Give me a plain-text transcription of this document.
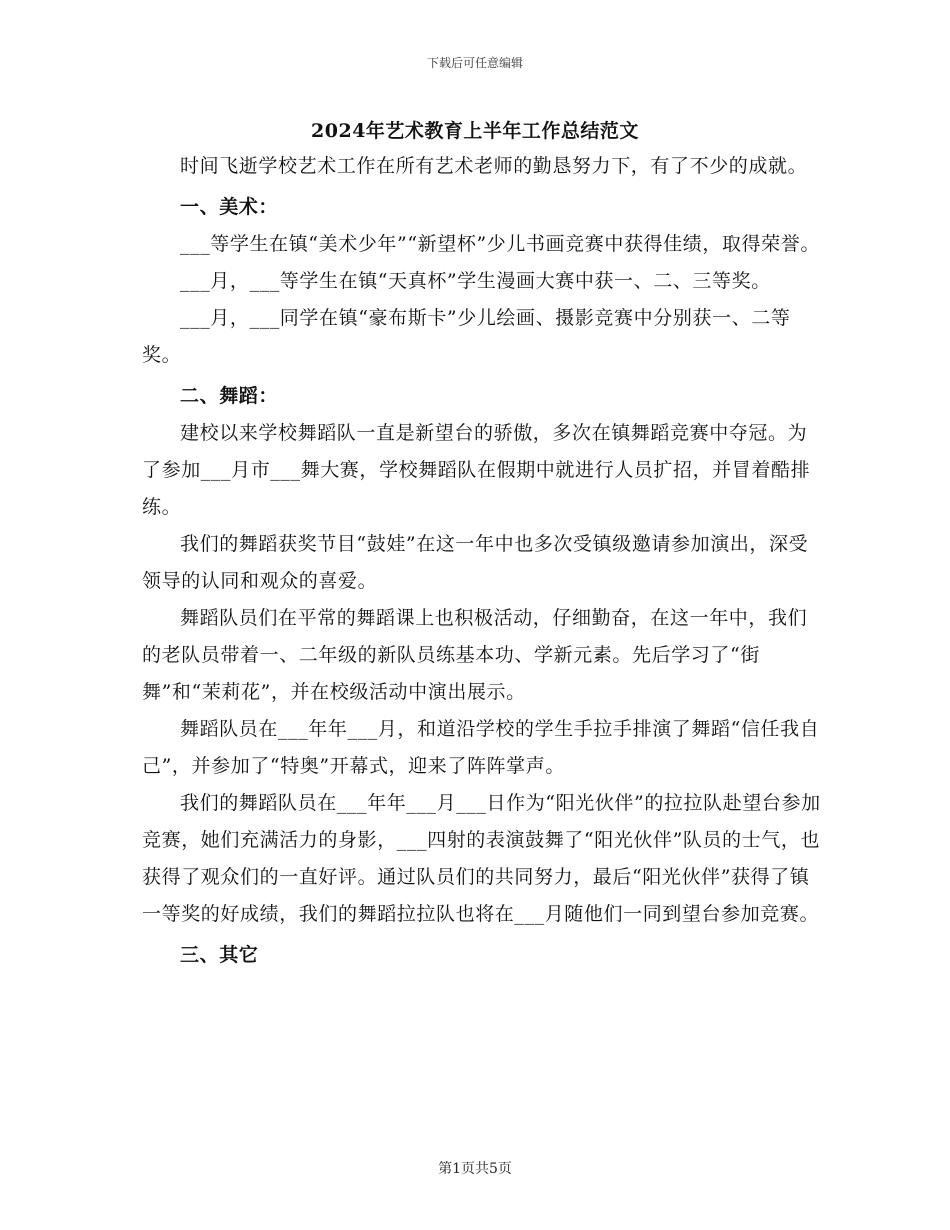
下载后可任意编辑
2024年艺术教育上半年工作总结范文

时间飞逝学校艺术工作在所有艺术老师的勤恳努力下，有了不少的成就。

一、美术：

___等学生在镇“美术少年”“新望杯”少儿书画竞赛中获得佳绩，取得荣誉。

___月，___等学生在镇“天真杯”学生漫画大赛中获一、二、三等奖。

___月，___同学在镇“豪布斯卡”少儿绘画、摄影竞赛中分别获一、二等奖。

二、舞蹈：

建校以来学校舞蹈队一直是新望台的骄傲，多次在镇舞蹈竞赛中夺冠。为了参加___月市___舞大赛，学校舞蹈队在假期中就进行人员扩招，并冒着酷排练。

我们的舞蹈获奖节目“鼓娃”在这一年中也多次受镇级邀请参加演出，深受领导的认同和观众的喜爱。

舞蹈队员们在平常的舞蹈课上也积极活动，仔细勤奋，在这一年中，我们的老队员带着一、二年级的新队员练基本功、学新元素。先后学习了“街舞”和“茉莉花”，并在校级活动中演出展示。

舞蹈队员在___年年___月，和道沿学校的学生手拉手排演了舞蹈“信任我自己”，并参加了“特奥”开幕式，迎来了阵阵掌声。

我们的舞蹈队员在___年年___月___日作为“阳光伙伴”的拉拉队赴望台参加竞赛，她们充满活力的身影，___四射的表演鼓舞了“阳光伙伴”队员的士气，也获得了观众们的一直好评。通过队员们的共同努力，最后“阳光伙伴”获得了镇一等奖的好成绩，我们的舞蹈拉拉队也将在___月随他们一同到望台参加竞赛。

三、其它
第1页共5页
